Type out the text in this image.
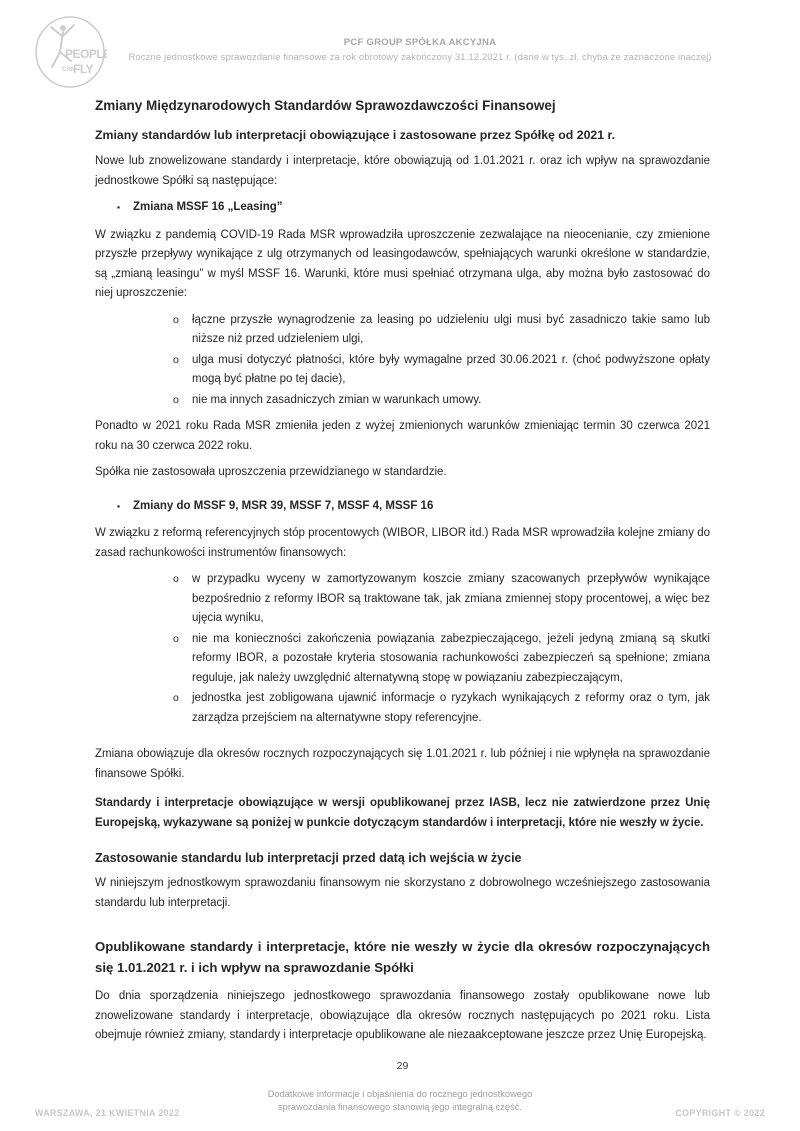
PEOPLE
CAN
FLY
PCF GROUP SPÓŁKA AKCYJNA
Roczne jednostkowe sprawozdanie finansowe za rok obrotowy zakończony 31.12.2021 r. (dane w tys. zł, chyba że zaznaczone inaczej)
Zmiany Międzynarodowych Standardów Sprawozdawczości Finansowej
Zmiany standardów lub interpretacji obowiązujące i zastosowane przez Spółkę od 2021 r.

Nowe lub znowelizowane standardy i interpretacje, które obowiązują od 1.01.2021 r. oraz ich wpływ na sprawozdanie jednostkowe Spółki są następujące:

▪	Zmiana MSSF 16 „Leasing”

W związku z pandemią COVID-19 Rada MSR wprowadziła uproszczenie zezwalające na nieocenianie, czy zmienione przyszłe przepływy wynikające z ulg otrzymanych od leasingodawców, spełniających warunki określone w standardzie, są „zmianą leasingu” w myśl MSSF 16. Warunki, które musi spełniać otrzymana ulga, aby można było zastosować do niej uproszczenie:

o	łączne przyszłe wynagrodzenie za leasing po udzieleniu ulgi musi być zasadniczo takie samo lub niższe niż przed udzieleniem ulgi,
o	ulga musi dotyczyć płatności, które były wymagalne przed 30.06.2021 r. (choć podwyższone opłaty mogą być płatne po tej dacie),
o	nie ma innych zasadniczych zmian w warunkach umowy.

Ponadto w 2021 roku Rada MSR zmieniła jeden z wyżej zmienionych warunków zmieniając termin 30 czerwca 2021 roku na 30 czerwca 2022 roku.

Spółka nie zastosowała uproszczenia przewidzianego w standardzie.

▪	Zmiany do MSSF 9, MSR 39, MSSF 7, MSSF 4, MSSF 16

W związku z reformą referencyjnych stóp procentowych (WIBOR, LIBOR itd.) Rada MSR wprowadziła kolejne zmiany do zasad rachunkowości instrumentów finansowych:

o	w przypadku wyceny w zamortyzowanym koszcie zmiany szacowanych przepływów wynikające bezpośrednio z reformy IBOR są traktowane tak, jak zmiana zmiennej stopy procentowej, a więc bez ujęcia wyniku,
o	nie ma konieczności zakończenia powiązania zabezpieczającego, jeżeli jedyną zmianą są skutki reformy IBOR, a pozostałe kryteria stosowania rachunkowości zabezpieczeń są spełnione; zmiana reguluje, jak należy uwzględnić alternatywną stopę w powiązaniu zabezpieczającym,
o	jednostka jest zobligowana ujawnić informacje o ryzykach wynikających z reformy oraz o tym, jak zarządza przejściem na alternatywne stopy referencyjne.

Zmiana obowiązuje dla okresów rocznych rozpoczynających się 1.01.2021 r. lub później i nie wpłynęła na sprawozdanie finansowe Spółki.

Standardy i interpretacje obowiązujące w wersji opublikowanej przez IASB, lecz nie zatwierdzone przez Unię Europejską, wykazywane są poniżej w punkcie dotyczącym standardów i interpretacji, które nie weszły w życie.

Zastosowanie standardu lub interpretacji przed datą ich wejścia w życie

W niniejszym jednostkowym sprawozdaniu finansowym nie skorzystano z dobrowolnego wcześniejszego zastosowania standardu lub interpretacji.

Opublikowane standardy i interpretacje, które nie weszły w życie dla okresów rozpoczynających się 1.01.2021 r. i ich wpływ na sprawozdanie Spółki

Do dnia sporządzenia niniejszego jednostkowego sprawozdania finansowego zostały opublikowane nowe lub znowelizowane standardy i interpretacje, obowiązujące dla okresów rocznych następujących po 2021 roku. Lista obejmuje również zmiany, standardy i interpretacje opublikowane ale niezaakceptowane jeszcze przez Unię Europejską.

29
WARSZAWA, 21 KWIETNIA 2022
Dodatkowe informacje i objaśnienia do rocznego jednostkowego
sprawozdania finansowego stanowią jego integralną część.
COPYRIGHT © 2022
